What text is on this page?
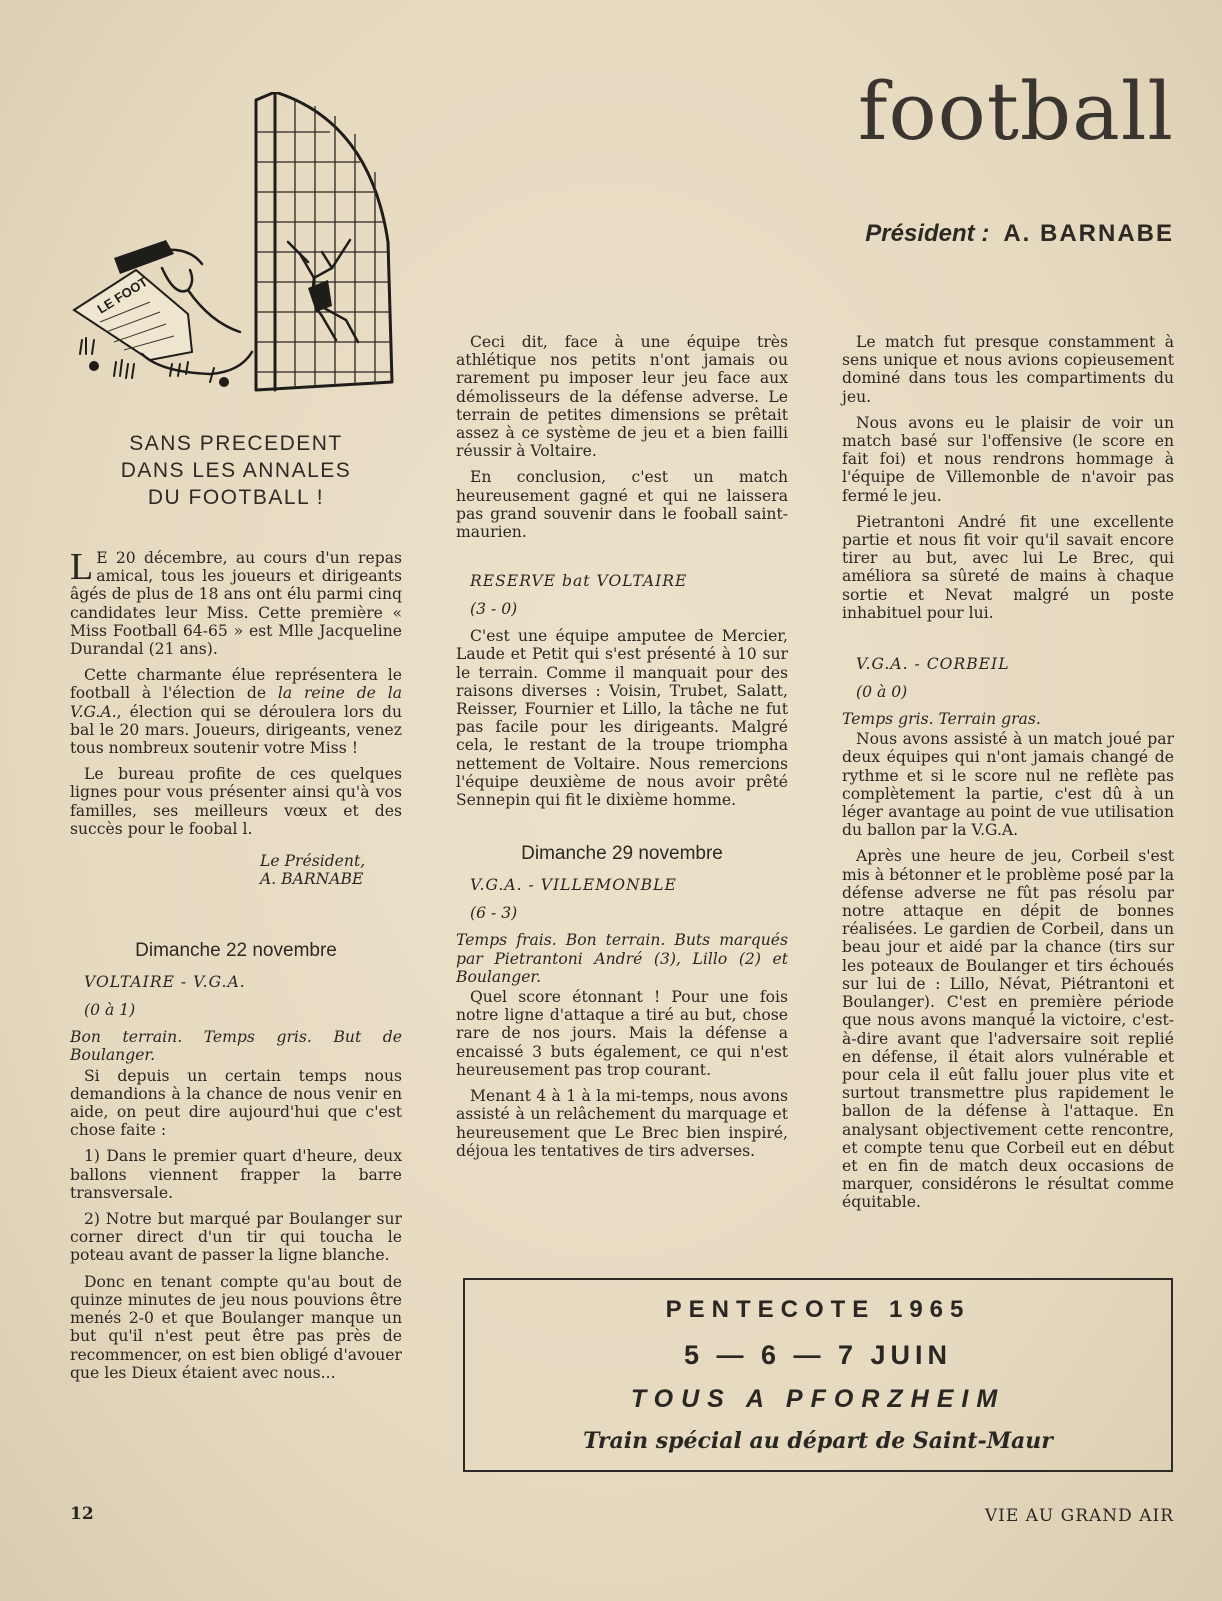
football
Président : A. BARNABE
LE FOOT
SANS PRECEDENT
DANS LES ANNALES
DU FOOTBALL !

L E 20 décembre, au cours d'un repas amical, tous les joueurs et dirigeants âgés de plus de 18 ans ont élu parmi cinq candidates leur Miss. Cette première « Miss Football 64-65 » est Mlle Jacqueline Durandal (21 ans).

Cette charmante élue représentera le football à l'élection de la reine de la V.G.A., élection qui se déroulera lors du bal le 20 mars. Joueurs, dirigeants, venez tous nombreux soutenir votre Miss !

Le bureau profite de ces quelques lignes pour vous présenter ainsi qu'à vos familles, ses meilleurs vœux et des succès pour le foobal l.

Le Président,
A. BARNABE
Dimanche 22 novembre

VOLTAIRE - V.G.A.

(0 à 1)

Bon terrain. Temps gris. But de Boulanger.

Si depuis un certain temps nous demandions à la chance de nous venir en aide, on peut dire aujourd'hui que c'est chose faite :

1) Dans le premier quart d'heure, deux ballons viennent frapper la barre transversale.

2) Notre but marqué par Boulanger sur corner direct d'un tir qui toucha le poteau avant de passer la ligne blanche.

Donc en tenant compte qu'au bout de quinze minutes de jeu nous pouvions être menés 2-0 et que Boulanger manque un but qu'il n'est peut être pas près de recommencer, on est bien obligé d'avouer que les Dieux étaient avec nous...

Ceci dit, face à une équipe très athlétique nos petits n'ont jamais ou rarement pu imposer leur jeu face aux démolisseurs de la défense adverse. Le terrain de petites dimensions se prêtait assez à ce système de jeu et a bien failli réussir à Voltaire.

En conclusion, c'est un match heureusement gagné et qui ne laissera pas grand souvenir dans le fooball saint-maurien.

RESERVE bat VOLTAIRE

(3 - 0)

C'est une équipe amputee de Mercier, Laude et Petit qui s'est présenté à 10 sur le terrain. Comme il manquait pour des raisons diverses : Voisin, Trubet, Salatt, Reisser, Fournier et Lillo, la tâche ne fut pas facile pour les dirigeants. Malgré cela, le restant de la troupe triompha nettement de Voltaire. Nous remercions l'équipe deuxième de nous avoir prêté Sennepin qui fit le dixième homme.

Dimanche 29 novembre

V.G.A. - VILLEMONBLE

(6 - 3)

Temps frais. Bon terrain. Buts marqués par Pietrantoni André (3), Lillo (2) et Boulanger.

Quel score étonnant ! Pour une fois notre ligne d'attaque a tiré au but, chose rare de nos jours. Mais la défense a encaissé 3 buts également, ce qui n'est heureusement pas trop courant.

Menant 4 à 1 à la mi-temps, nous avons assisté à un relâchement du marquage et heureusement que Le Brec bien inspiré, déjoua les tentatives de tirs adverses.

Le match fut presque constamment à sens unique et nous avions copieusement dominé dans tous les compartiments du jeu.

Nous avons eu le plaisir de voir un match basé sur l'offensive (le score en fait foi) et nous rendrons hommage à l'équipe de Villemonble de n'avoir pas fermé le jeu.

Pietrantoni André fit une excellente partie et nous fit voir qu'il savait encore tirer au but, avec lui Le Brec, qui améliora sa sûreté de mains à chaque sortie et Nevat malgré un poste inhabituel pour lui.

V.G.A. - CORBEIL

(0 à 0)

Temps gris. Terrain gras.

Nous avons assisté à un match joué par deux équipes qui n'ont jamais changé de rythme et si le score nul ne reflète pas complètement la partie, c'est dû à un léger avantage au point de vue utilisation du ballon par la V.G.A.

Après une heure de jeu, Corbeil s'est mis à bétonner et le problème posé par la défense adverse ne fût pas résolu par notre attaque en dépit de bonnes réalisées. Le gardien de Corbeil, dans un beau jour et aidé par la chance (tirs sur les poteaux de Boulanger et tirs échoués sur lui de : Lillo, Névat, Piétrantoni et Boulanger). C'est en première période que nous avons manqué la victoire, c'est-à-dire avant que l'adversaire soit replié en défense, il était alors vulnérable et pour cela il eût fallu jouer plus vite et surtout transmettre plus rapidement le ballon de la défense à l'attaque. En analysant objectivement cette rencontre, et compte tenu que Corbeil eut en début et en fin de match deux occasions de marquer, considérons le résultat comme équitable.

PENTECOTE 1965
5 — 6 — 7 JUIN
TOUS A PFORZHEIM
Train spécial au départ de Saint-Maur
12	VIE AU GRAND AIR
